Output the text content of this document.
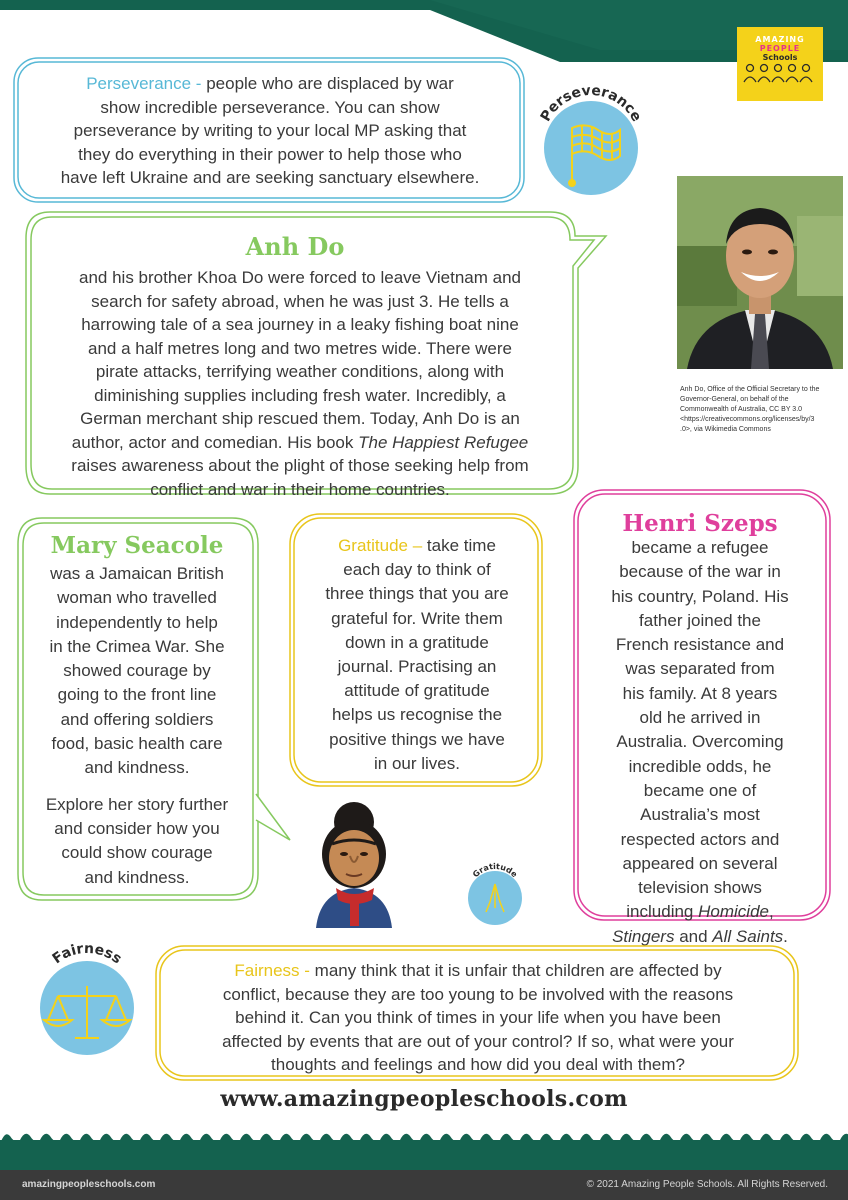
AMAZING
PEOPLE
Schools
Perseverance - people who are displaced by war
show incredible perseverance. You can show
perseverance by writing to your local MP asking that
they do everything in their power to help those who
have left Ukraine and are seeking sanctuary elsewhere.
Perseverance
Anh Do
and his brother Khoa Do were forced to leave Vietnam and
search for safety abroad, when he was just 3. He tells a
harrowing tale of a sea journey in a leaky fishing boat nine
and a half metres long and two metres wide. There were
pirate attacks, terrifying weather conditions, along with
diminishing supplies including fresh water. Incredibly, a
German merchant ship rescued them. Today, Anh Do is an
author, actor and comedian. His book The Happiest Refugee
raises awareness about the plight of those seeking help from
conflict and war in their home countries.
Anh Do, Office of the Official Secretary to the
Governor-General, on behalf of the
Commonwealth of Australia, CC BY 3.0
<https://creativecommons.org/licenses/by/3
.0>, via Wikimedia Commons
Mary Seacole
was a Jamaican British
woman who travelled
independently to help
in the Crimea War. She
showed courage by
going to the front line
and offering soldiers
food, basic health care
and kindness.
Explore her story further
and consider how you
could show courage
and kindness.
Gratitude – take time
each day to think of
three things that you are
grateful for. Write them
down in a gratitude
journal. Practising an
attitude of gratitude
helps us recognise the
positive things we have
in our lives.
Gratitude
Henri Szeps
became a refugee
because of the war in
his country, Poland. His
father joined the
French resistance and
was separated from
his family. At 8 years
old he arrived in
Australia. Overcoming
incredible odds, he
became one of
Australia’s most
respected actors and
appeared on several
television shows
including Homicide,
Stingers and All Saints.
Fairness
Fairness - many think that it is unfair that children are affected by
conflict, because they are too young to be involved with the reasons
behind it. Can you think of times in your life when you have been
affected by events that are out of your control? If so, what were your
thoughts and feelings and how did you deal with them?
www.amazingpeopleschools.com
amazingpeopleschools.com	© 2021 Amazing People Schools. All Rights Reserved.
